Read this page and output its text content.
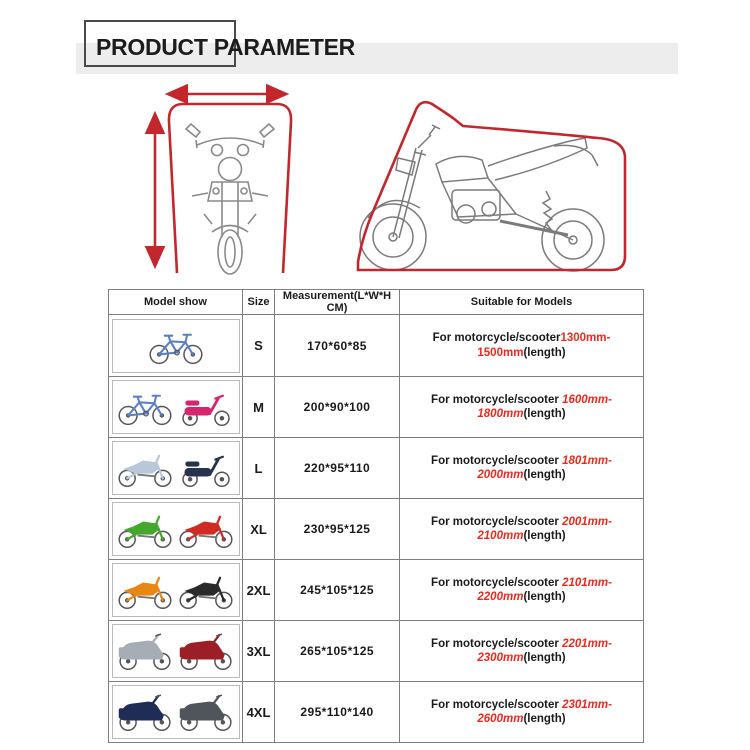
PRODUCT PARAMETER
Model show	Size	Measurement(L*W*H CM)	Suitable for Models

	S	170*60*85	For motorcycle/scooter1300mm-1500mm(length)

	M	200*90*100	For motorcycle/scooter 1600mm-1800mm(length)

	L	220*95*110	For motorcycle/scooter 1801mm-2000mm(length)

	XL	230*95*125	For motorcycle/scooter 2001mm-2100mm(length)

	2XL	245*105*125	For motorcycle/scooter 2101mm-2200mm(length)

	3XL	265*105*125	For motorcycle/scooter 2201mm-2300mm(length)

	4XL	295*110*140	For motorcycle/scooter 2301mm-2600mm(length)
